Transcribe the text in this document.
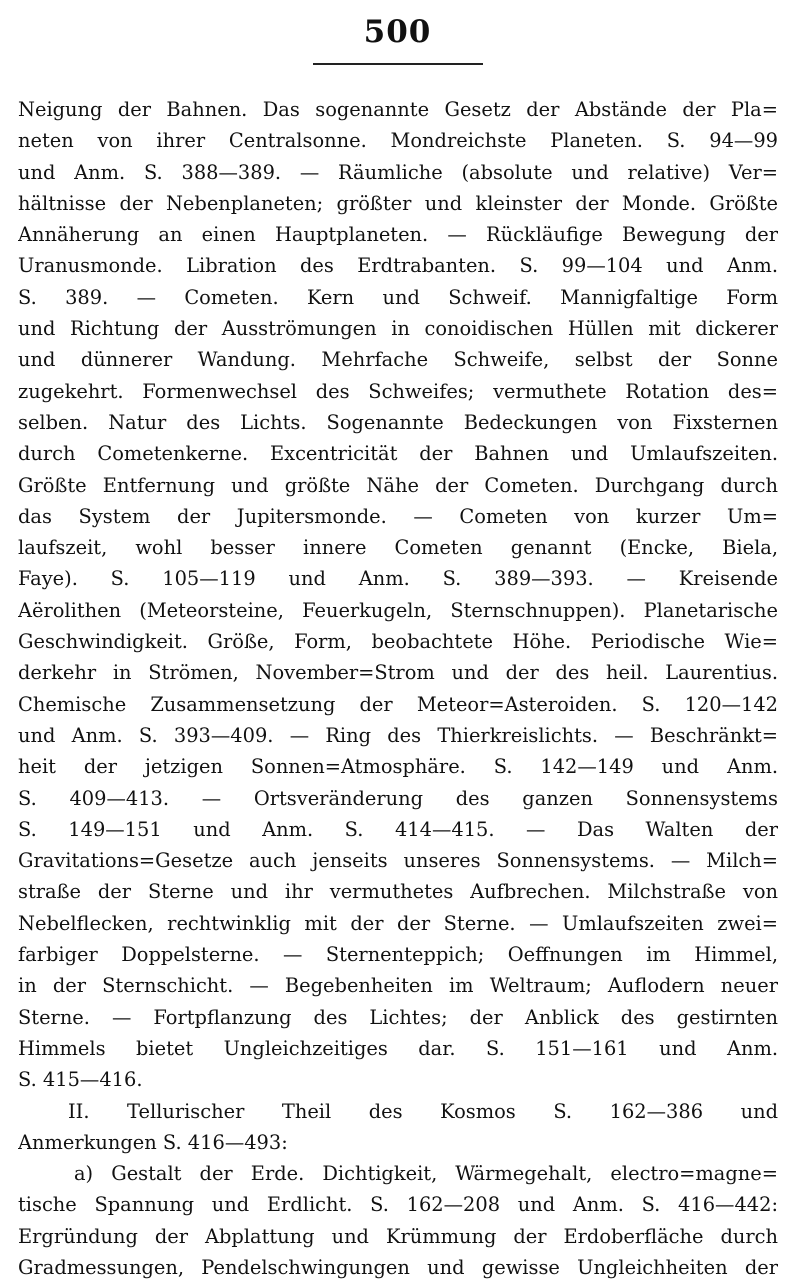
500
Neigung der Bahnen. Das sogenannte Gesetz der Abstände der Pla=
neten von ihrer Centralsonne. Mondreichste Planeten. S. 94—99
und Anm. S. 388—389. — Räumliche (absolute und relative) Ver=
hältnisse der Nebenplaneten; größter und kleinster der Monde. Größte
Annäherung an einen Hauptplaneten. — Rückläufige Bewegung der
Uranusmonde. Libration des Erdtrabanten. S. 99—104 und Anm.
S. 389. — Cometen. Kern und Schweif. Mannigfaltige Form
und Richtung der Ausströmungen in conoidischen Hüllen mit dickerer
und dünnerer Wandung. Mehrfache Schweife, selbst der Sonne
zugekehrt. Formenwechsel des Schweifes; vermuthete Rotation des=
selben. Natur des Lichts. Sogenannte Bedeckungen von Fixsternen
durch Cometenkerne. Excentricität der Bahnen und Umlaufszeiten.
Größte Entfernung und größte Nähe der Cometen. Durchgang durch
das System der Jupitersmonde. — Cometen von kurzer Um=
laufszeit, wohl besser innere Cometen genannt (Encke, Biela,
Faye). S. 105—119 und Anm. S. 389—393. — Kreisende
Aërolithen (Meteorsteine, Feuerkugeln, Sternschnuppen). Planetarische
Geschwindigkeit. Größe, Form, beobachtete Höhe. Periodische Wie=
derkehr in Strömen, November=Strom und der des heil. Laurentius.
Chemische Zusammensetzung der Meteor=Asteroiden. S. 120—142
und Anm. S. 393—409. — Ring des Thierkreislichts. — Beschränkt=
heit der jetzigen Sonnen=Atmosphäre. S. 142—149 und Anm.
S. 409—413. — Ortsveränderung des ganzen Sonnensystems
S. 149—151 und Anm. S. 414—415. — Das Walten der
Gravitations=Gesetze auch jenseits unseres Sonnensystems. — Milch=
straße der Sterne und ihr vermuthetes Aufbrechen. Milchstraße von
Nebelflecken, rechtwinklig mit der der Sterne. — Umlaufszeiten zwei=
farbiger Doppelsterne. — Sternenteppich; Oeffnungen im Himmel,
in der Sternschicht. — Begebenheiten im Weltraum; Auflodern neuer
Sterne. — Fortpflanzung des Lichtes; der Anblick des gestirnten
Himmels bietet Ungleichzeitiges dar. S. 151—161 und Anm.
S. 415—416.
II. Tellurischer Theil des Kosmos S. 162—386 und
Anmerkungen S. 416—493:
a) Gestalt der Erde. Dichtigkeit, Wärmegehalt, electro=magne=
tische Spannung und Erdlicht. S. 162—208 und Anm. S. 416—442:
Ergründung der Abplattung und Krümmung der Erdoberfläche durch
Gradmessungen, Pendelschwingungen und gewisse Ungleichheiten der
